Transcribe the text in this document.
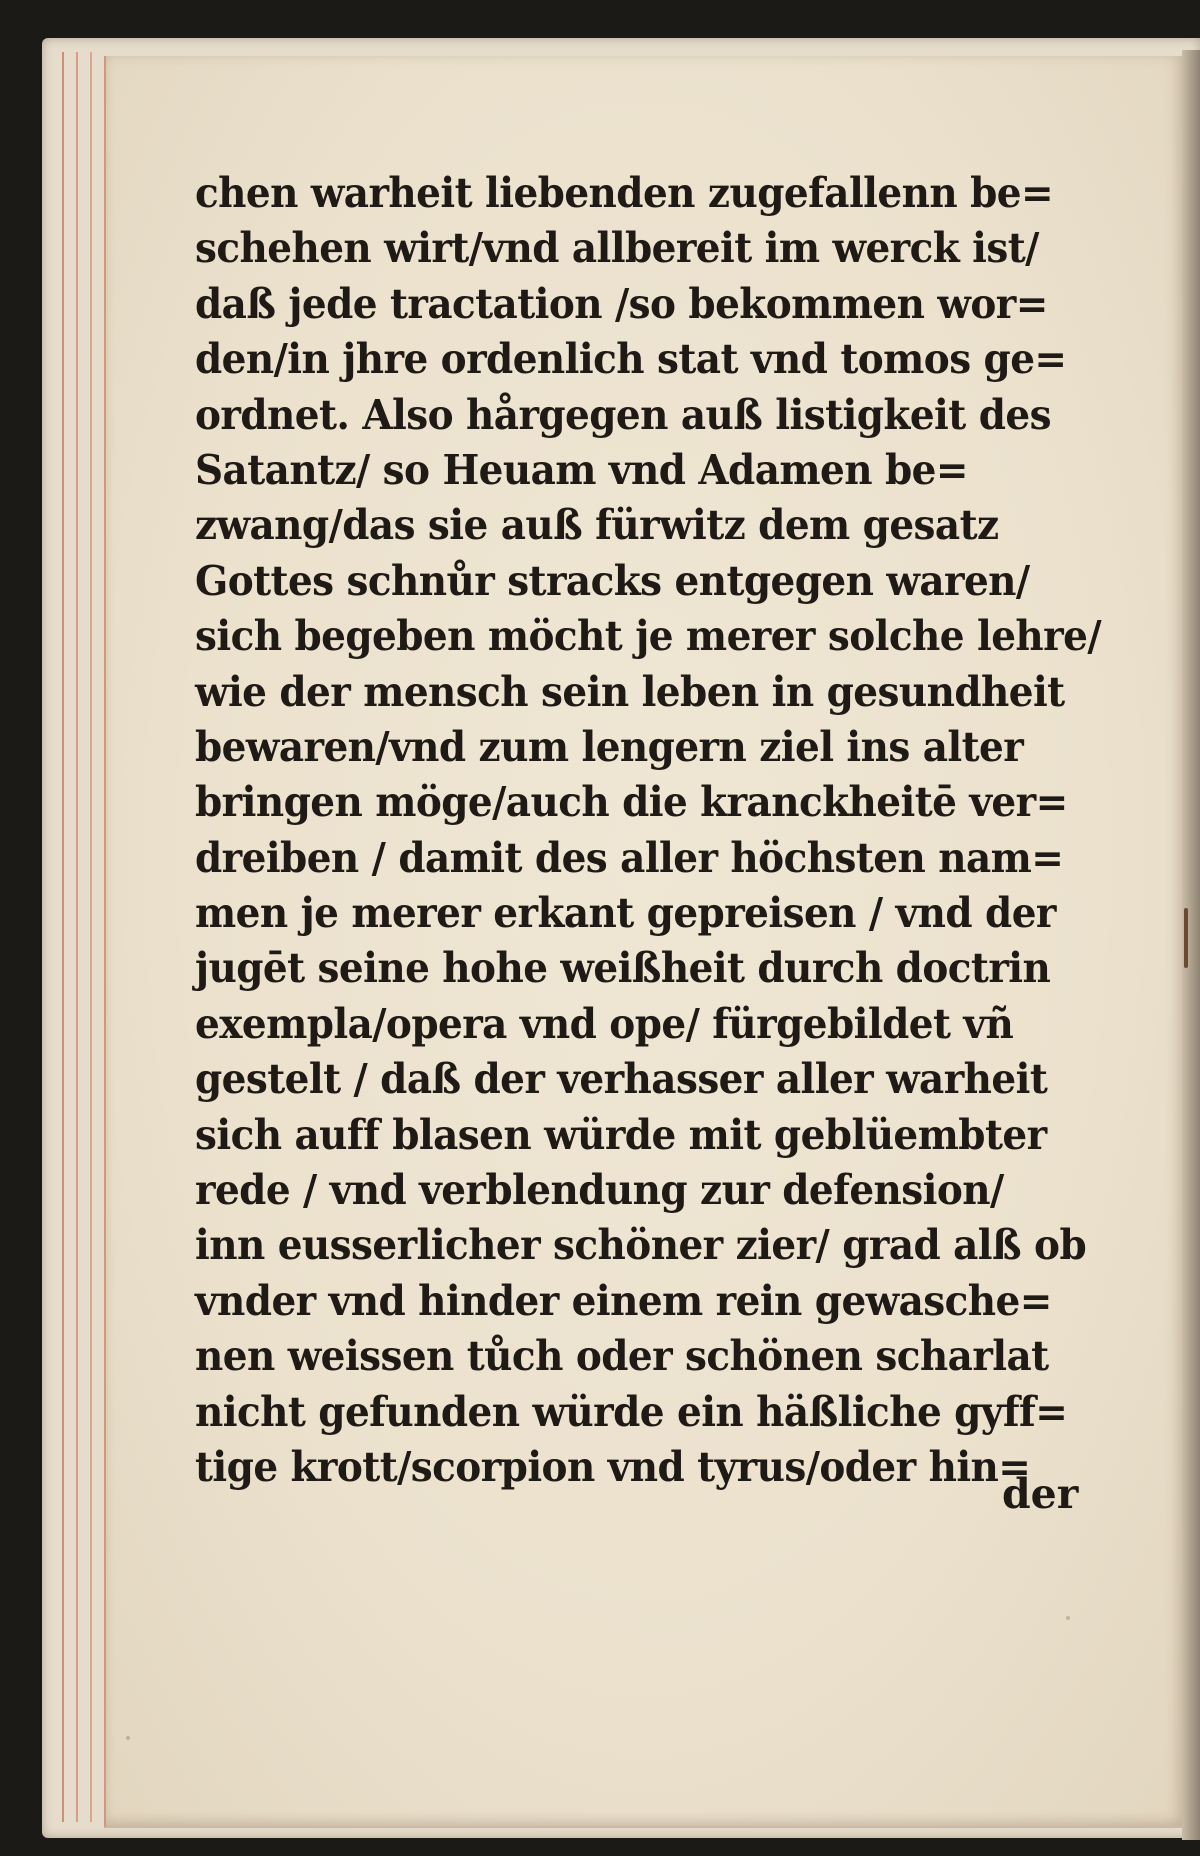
chen warheit liebenden zugefallenn be=
schehen wirt/vnd allbereit im werck ist/
daß jede tractation /so bekommen wor=
den/in jhre ordenlich stat vnd tomos ge=
ordnet. Also hårgegen auß listigkeit des
Satantz/ so Heuam vnd Adamen be=
zwang/das sie auß fürwitz dem gesatz
Gottes schnůr stracks entgegen waren/
sich begeben möcht je merer solche lehre/
wie der mensch sein leben in gesundheit
bewaren/vnd zum lengern ziel ins alter
bringen möge/auch die kranckheitē ver=
dreiben / damit des aller höchsten nam=
men je merer erkant gepreisen / vnd der
jugēt seine hohe weißheit durch doctrin
exempla/opera vnd ope/ fürgebildet vñ
gestelt / daß der verhasser aller warheit
sich auff blasen würde mit geblüembter
rede / vnd verblendung zur defension/
inn eusserlicher schöner zier/ grad alß ob
vnder vnd hinder einem rein gewasche=
nen weissen tůch oder schönen scharlat
nicht gefunden würde ein häßliche gyff=
tige krott/scorpion vnd tyrus/oder hin=
der
